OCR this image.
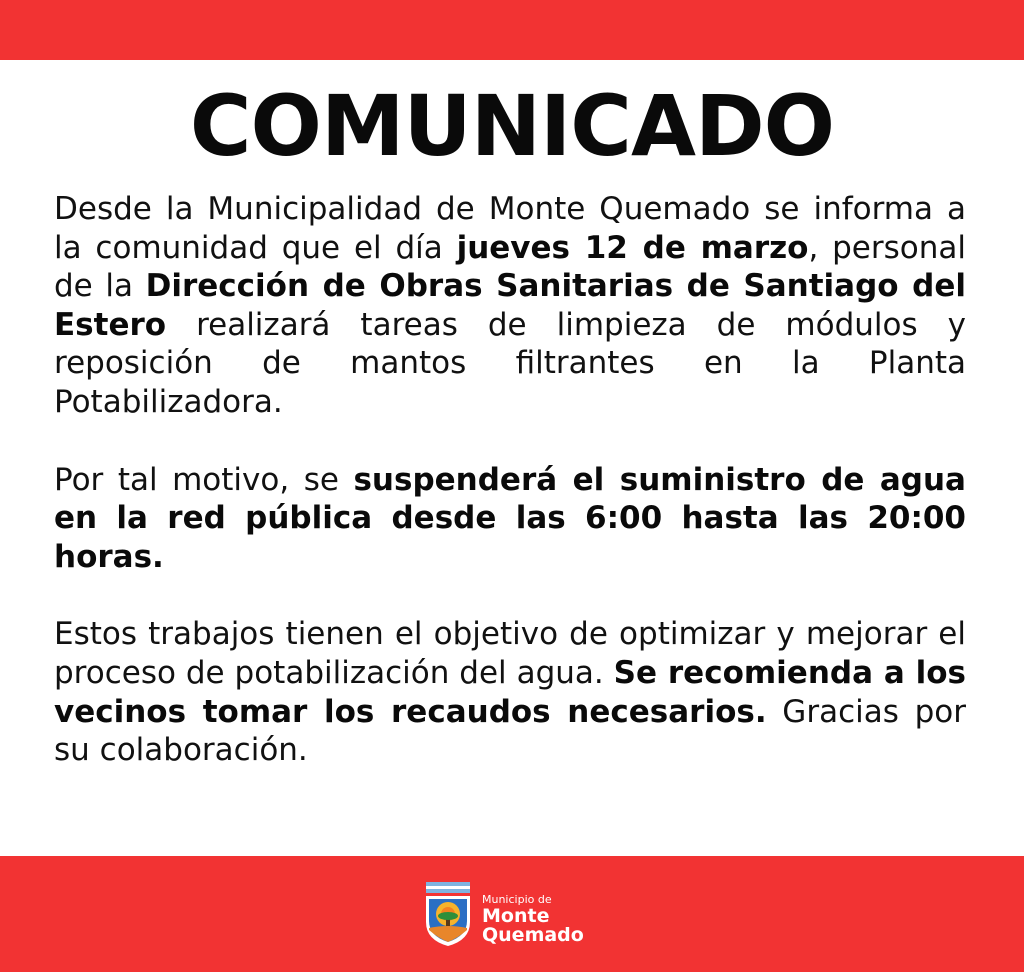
COMUNICADO

Desde la Municipalidad de Monte Quemado se informa a la comunidad que el día jueves 12 de marzo, personal de la Dirección de Obras Sanitarias de Santiago del Estero realizará tareas de limpieza de módulos y reposición de mantos filtrantes en la Planta Potabilizadora.

Por tal motivo, se suspenderá el suministro de agua en la red pública desde las 6:00 hasta las 20:00 horas.

Estos trabajos tienen el objetivo de optimizar y mejorar el proceso de potabilización del agua. Se recomienda a los vecinos tomar los recaudos necesarios. Gracias por su colaboración.

Municipio de
Monte
Quemado
